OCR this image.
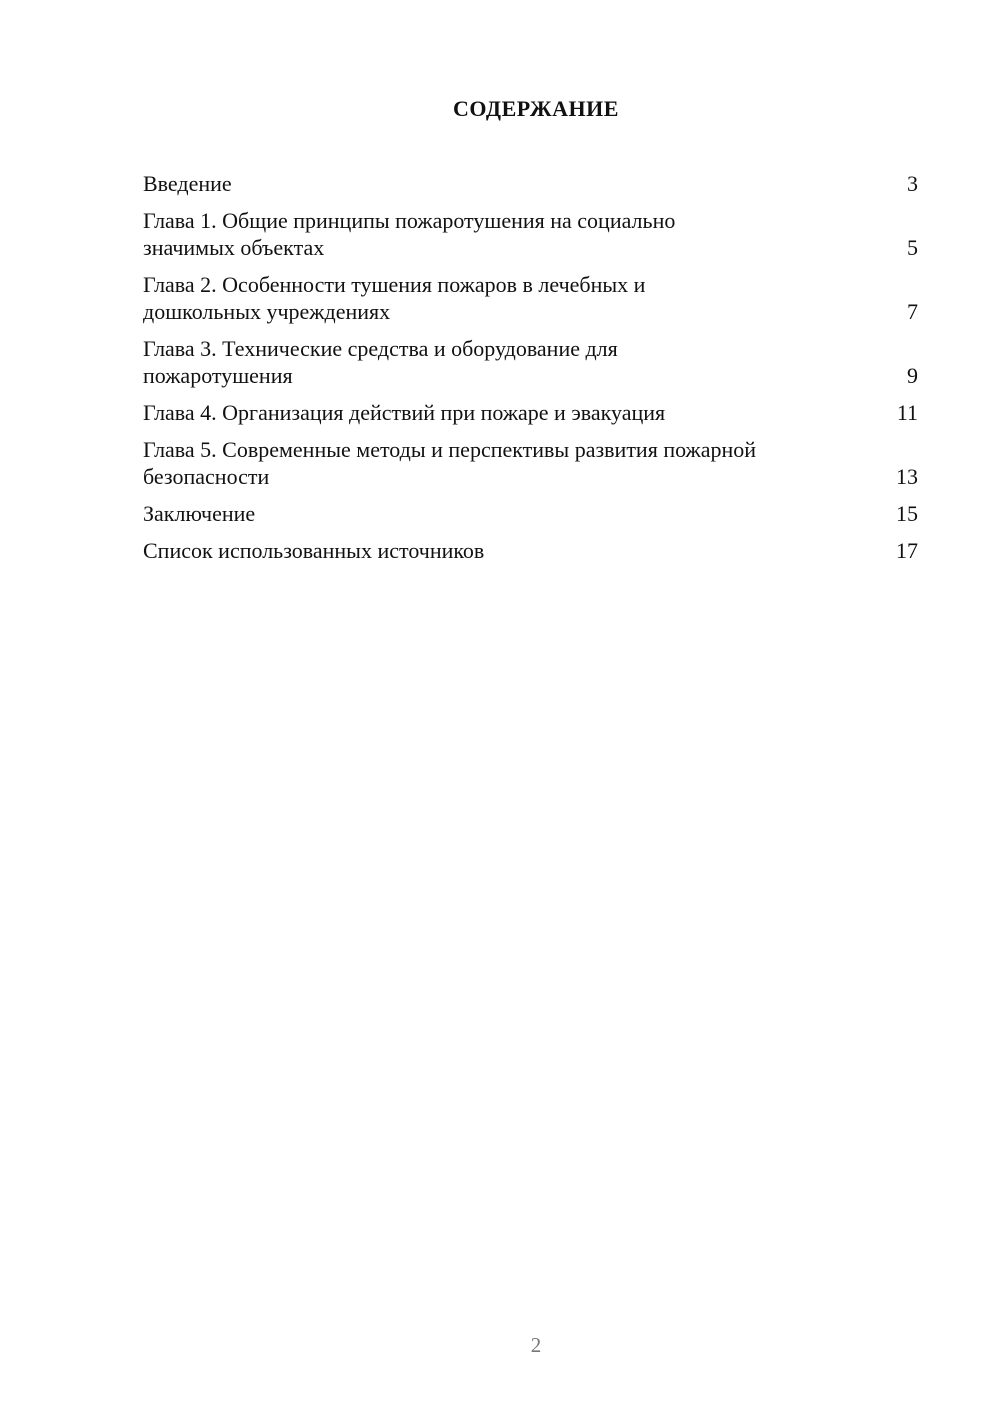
СОДЕРЖАНИЕ
Введение	3
Глава 1. Общие принципы пожаротушения на социально значимых объектах	5
Глава 2. Особенности тушения пожаров в лечебных и дошкольных учреждениях	7
Глава 3. Технические средства и оборудование для пожаротушения	9
Глава 4. Организация действий при пожаре и эвакуация	11
Глава 5. Современные методы и перспективы развития пожарной безопасности	13
Заключение	15
Список использованных источников	17
2
